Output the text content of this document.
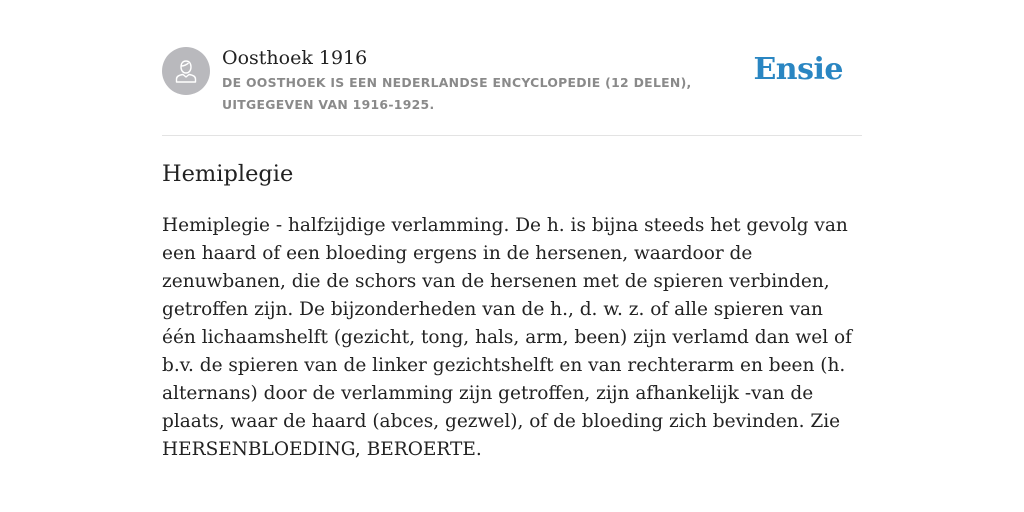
Oosthoek 1916
DE OOSTHOEK IS EEN NEDERLANDSE ENCYCLOPEDIE (12 DELEN), UITGEGEVEN VAN 1916-1925.
Ensie
Hemiplegie

Hemiplegie - halfzijdige verlamming. De h. is bijna steeds het gevolg van een haard of een bloeding ergens in de hersenen, waardoor de zenuwbanen, die de schors van de hersenen met de spieren verbinden, getroffen zijn. De bijzonderheden van de h., d. w. z. of alle spieren van één lichaamshelft (gezicht, tong, hals, arm, been) zijn verlamd dan wel of b.v. de spieren van de linker gezichtshelft en van rechterarm en been (h. alternans) door de verlamming zijn getroffen, zijn afhankelijk -van de plaats, waar de haard (abces, gezwel), of de bloeding zich bevinden. Zie HERSENBLOEDING, BEROERTE.
